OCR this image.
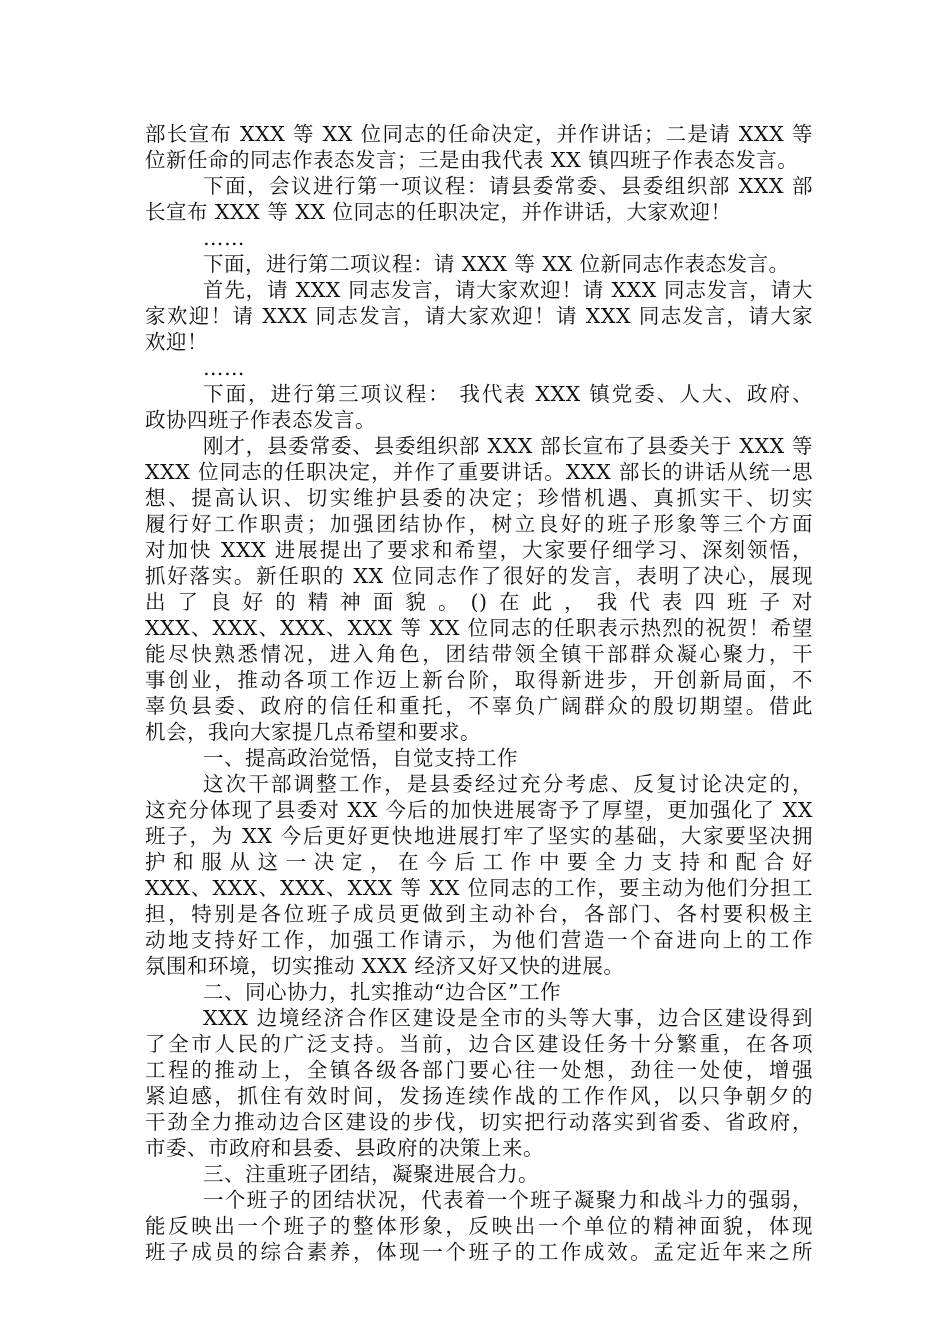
部长宣布 XXX 等 XX 位同志的任命决定，并作讲话；二是请 XXX 等
位新任命的同志作表态发言；三是由我代表 XX 镇四班子作表态发言。
下面，会议进行第一项议程：请县委常委、县委组织部 XXX 部
长宣布 XXX 等 XX 位同志的任职决定，并作讲话，大家欢迎！
……
下面，进行第二项议程：请 XXX 等 XX 位新同志作表态发言。
首先，请 XXX 同志发言，请大家欢迎！请 XXX 同志发言，请大
家欢迎！请 XXX 同志发言，请大家欢迎！请 XXX 同志发言，请大家
欢迎！
……
下面，进行第三项议程： 我代表 XXX 镇党委、人大、政府、
政协四班子作表态发言。
刚才，县委常委、县委组织部 XXX 部长宣布了县委关于 XXX 等
XXX 位同志的任职决定，并作了重要讲话。XXX 部长的讲话从统一思
想、提高认识、切实维护县委的决定；珍惜机遇、真抓实干、切实
履行好工作职责；加强团结协作，树立良好的班子形象等三个方面
对加快 XXX 进展提出了要求和希望，大家要仔细学习、深刻领悟，
抓好落实。新任职的 XX 位同志作了很好的发言，表明了决心，展现
出了良好的精神面貌。()在此，我代表四班子对
XXX、XXX、XXX、XXX 等 XX 位同志的任职表示热烈的祝贺！希望
能尽快熟悉情况，进入角色，团结带领全镇干部群众凝心聚力，干
事创业，推动各项工作迈上新台阶，取得新进步，开创新局面，不
辜负县委、政府的信任和重托，不辜负广阔群众的殷切期望。借此
机会，我向大家提几点希望和要求。
一、提高政治觉悟，自觉支持工作
这次干部调整工作，是县委经过充分考虑、反复讨论决定的，
这充分体现了县委对 XX 今后的加快进展寄予了厚望，更加强化了 XX
班子，为 XX 今后更好更快地进展打牢了坚实的基础，大家要坚决拥
护和服从这一决定，在今后工作中要全力支持和配合好
XXX、XXX、XXX、XXX 等 XX 位同志的工作，要主动为他们分担工
担，特别是各位班子成员更做到主动补台，各部门、各村要积极主
动地支持好工作，加强工作请示，为他们营造一个奋进向上的工作
氛围和环境，切实推动 XXX 经济又好又快的进展。
二、同心协力，扎实推动“边合区”工作
XXX 边境经济合作区建设是全市的头等大事，边合区建设得到
了全市人民的广泛支持。当前，边合区建设任务十分繁重，在各项
工程的推动上，全镇各级各部门要心往一处想，劲往一处使，增强
紧迫感，抓住有效时间，发扬连续作战的工作作风，以只争朝夕的
干劲全力推动边合区建设的步伐，切实把行动落实到省委、省政府，
市委、市政府和县委、县政府的决策上来。
三、注重班子团结，凝聚进展合力。
一个班子的团结状况，代表着一个班子凝聚力和战斗力的强弱，
能反映出一个班子的整体形象，反映出一个单位的精神面貌，体现
班子成员的综合素养，体现一个班子的工作成效。孟定近年来之所
